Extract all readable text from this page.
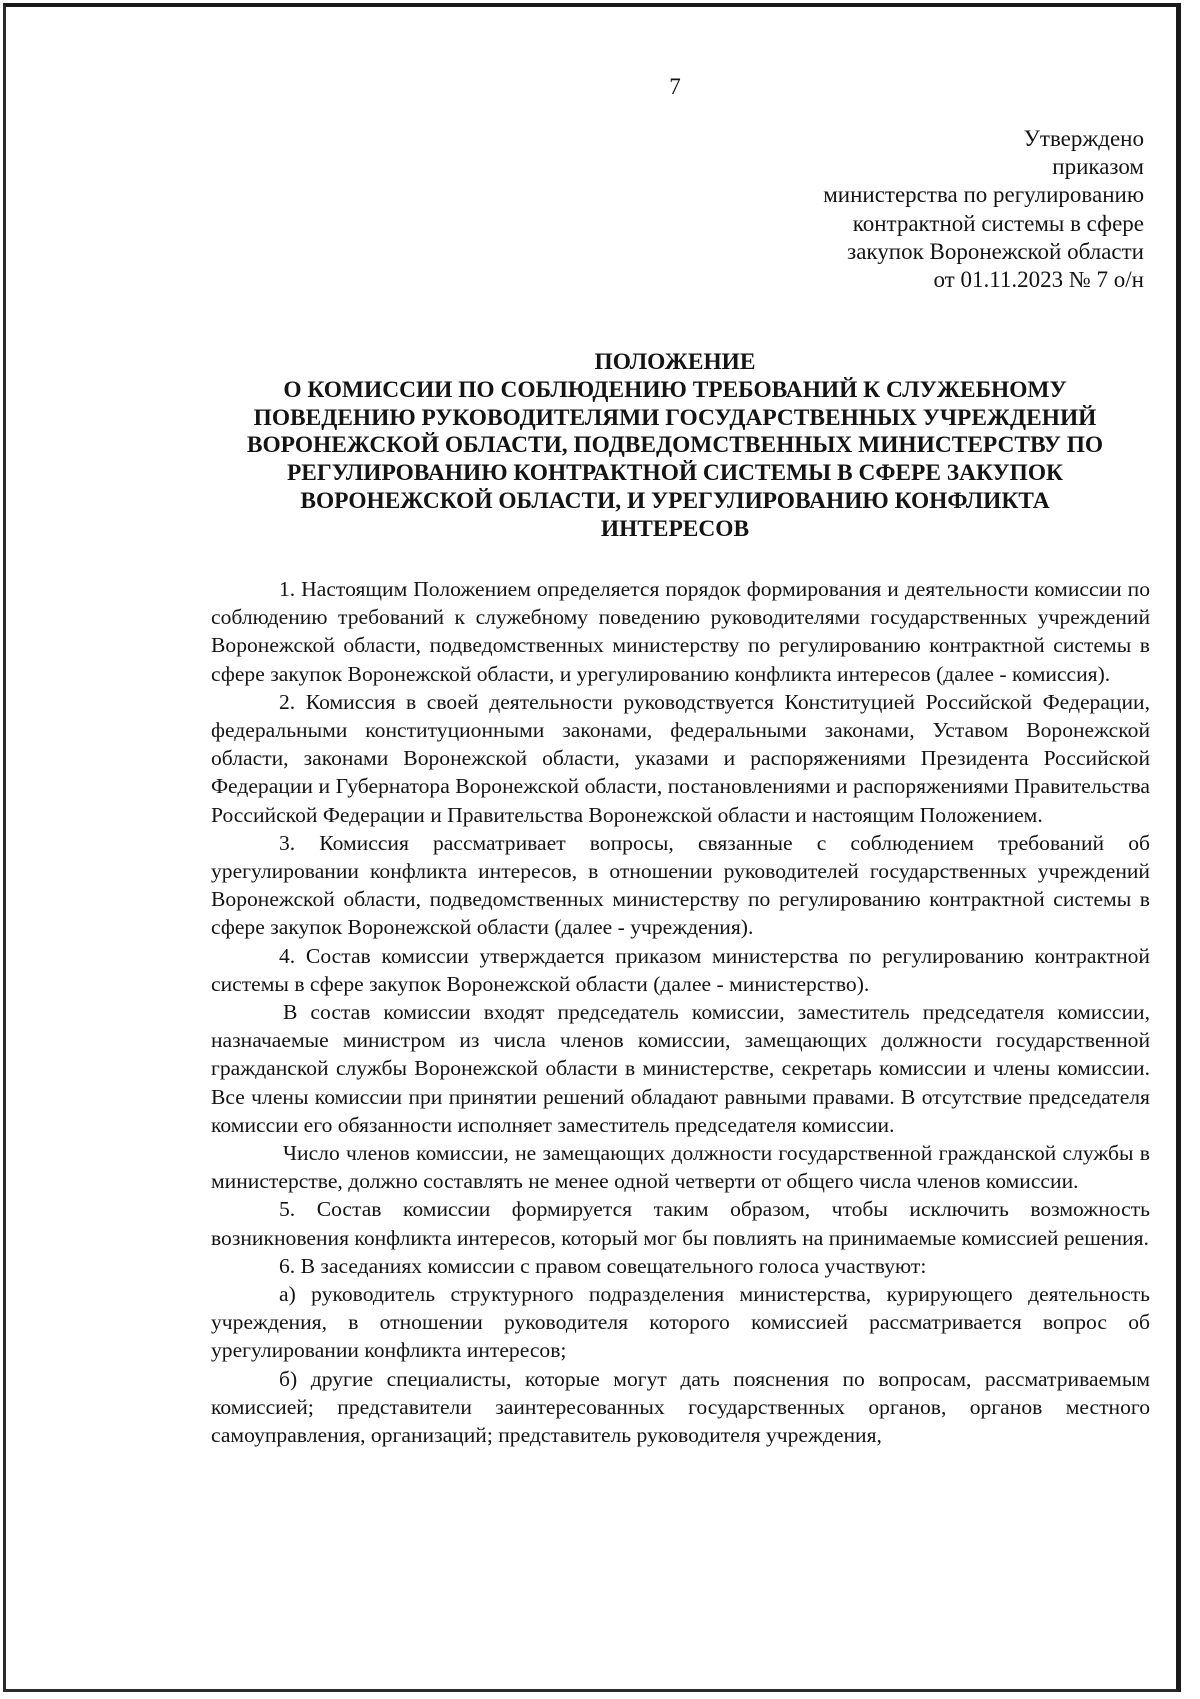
7
Утверждено
приказом
министерства по регулированию
контрактной системы в сфере
закупок Воронежской области
от 01.11.2023 № 7 о/н
ПОЛОЖЕНИЕ
О КОМИССИИ ПО СОБЛЮДЕНИЮ ТРЕБОВАНИЙ К СЛУЖЕБНОМУ
ПОВЕДЕНИЮ РУКОВОДИТЕЛЯМИ ГОСУДАРСТВЕННЫХ УЧРЕЖДЕНИЙ
ВОРОНЕЖСКОЙ ОБЛАСТИ, ПОДВЕДОМСТВЕННЫХ МИНИСТЕРСТВУ ПО
РЕГУЛИРОВАНИЮ КОНТРАКТНОЙ СИСТЕМЫ В СФЕРЕ ЗАКУПОК
ВОРОНЕЖСКОЙ ОБЛАСТИ, И УРЕГУЛИРОВАНИЮ КОНФЛИКТА
ИНТЕРЕСОВ

1. Настоящим Положением определяется порядок формирования и деятельности комиссии по соблюдению требований к служебному поведению руководителями государственных учреждений Воронежской области, подведомственных министерству по регулированию контрактной системы в сфере закупок Воронежской области, и урегулированию конфликта интересов (далее - комиссия).

2. Комиссия в своей деятельности руководствуется Конституцией Российской Федерации, федеральными конституционными законами, федеральными законами, Уставом Воронежской области, законами Воронежской области, указами и распоряжениями Президента Российской Федерации и Губернатора Воронежской области, постановлениями и распоряжениями Правительства Российской Федерации и Правительства Воронежской области и настоящим Положением.

3. Комиссия рассматривает вопросы, связанные с соблюдением требований об урегулировании конфликта интересов, в отношении руководителей государственных учреждений Воронежской области, подведомственных министерству по регулированию контрактной системы в сфере закупок Воронежской области (далее - учреждения).

4. Состав комиссии утверждается приказом министерства по регулированию контрактной системы в сфере закупок Воронежской области (далее - министерство).

В состав комиссии входят председатель комиссии, заместитель председателя комиссии, назначаемые министром из числа членов комиссии, замещающих должности государственной гражданской службы Воронежской области в министерстве, секретарь комиссии и члены комиссии. Все члены комиссии при принятии решений обладают равными правами. В отсутствие председателя комиссии его обязанности исполняет заместитель председателя комиссии.

Число членов комиссии, не замещающих должности государственной гражданской службы в министерстве, должно составлять не менее одной четверти от общего числа членов комиссии.

5. Состав комиссии формируется таким образом, чтобы исключить возможность возникновения конфликта интересов, который мог бы повлиять на принимаемые комиссией решения.

6. В заседаниях комиссии с правом совещательного голоса участвуют:

а) руководитель структурного подразделения министерства, курирующего деятельность учреждения, в отношении руководителя которого комиссией рассматривается вопрос об урегулировании конфликта интересов;

б) другие специалисты, которые могут дать пояснения по вопросам, рассматриваемым комиссией; представители заинтересованных государственных органов, органов местного самоуправления, организаций; представитель руководителя учреждения,
